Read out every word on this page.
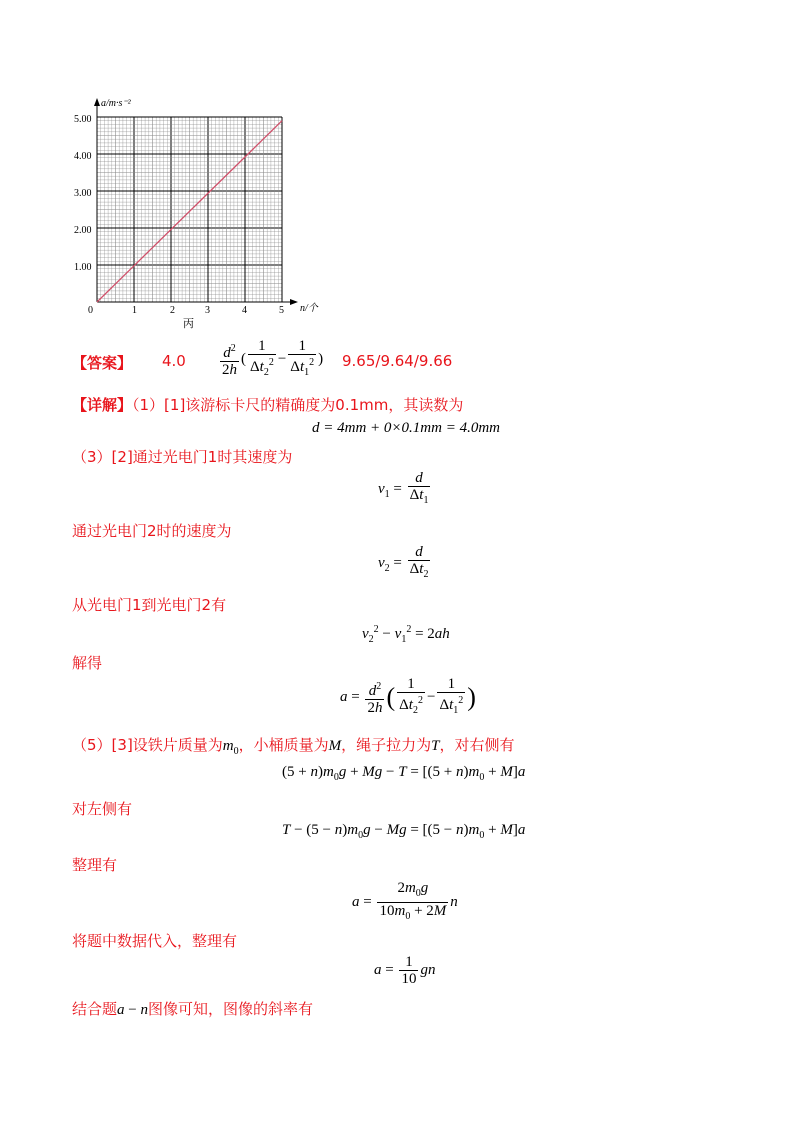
a/m·s⁻²
n/个
0	1	2	3	4	5
1.00
2.00
3.00
4.00
5.00
丙
【答案】 $4.0 \frac{d^2}{2h}$ ( $\frac{1}{\Delta t_2^2} - \frac{1}{\Delta t_1^2}$ ) 9.65/9.64/9.66
【详解】（1）[1]该游标卡尺的精确度为0.1mm，其读数为
d = 4mm + 0×0.1mm = 4.0mm
（3）[2]通过光电门1时其速度为
$v_1 = \frac{d}{\Delta t_1}$
通过光电门2时的速度为
$v_2 = \frac{d}{\Delta t_2}$
从光电门1到光电门2有
$v_2^2 - v_1^2 = 2ah$
解得
$a = \frac{d^2}{2h}$ ( $\frac{1}{\Delta t_2^2} - \frac{1}{\Delta t_1^2}$ )
（5）[3]设铁片质量为$m_0$，小桶质量为M，绳子拉力为T，对右侧有
$(5 + n)m_0g + Mg - T = [(5 + n)m_0 + M]a$
对左侧有
$T - (5 - n)m_0g - Mg = [(5 - n)m_0 + M]a$
整理有
$a = \frac{2m_0g}{10m_0 + 2M}$ n
将题中数据代入，整理有
$a = \frac{1}{10}$ gn
结合题a − n图像可知，图像的斜率有
